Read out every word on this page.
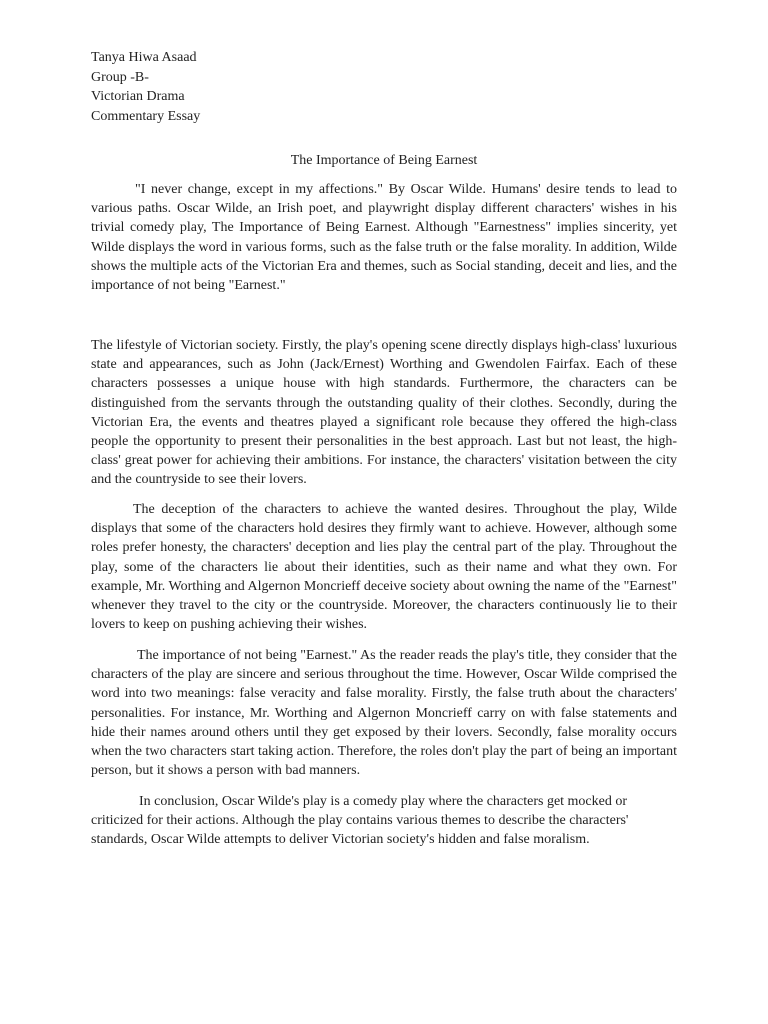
Tanya Hiwa Asaad
Group -B-
Victorian Drama
Commentary Essay
The Importance of Being Earnest

"I never change, except in my affections." By Oscar Wilde. Humans' desire tends to lead to various paths. Oscar Wilde, an Irish poet, and playwright display different characters' wishes in his trivial comedy play, The Importance of Being Earnest. Although "Earnestness" implies sincerity, yet Wilde displays the word in various forms, such as the false truth or the false morality. In addition, Wilde shows the multiple acts of the Victorian Era and themes, such as Social standing, deceit and lies, and the importance of not being "Earnest."

The lifestyle of Victorian society. Firstly, the play's opening scene directly displays high-class' luxurious state and appearances, such as John (Jack/Ernest) Worthing and Gwendolen Fairfax. Each of these characters possesses a unique house with high standards. Furthermore, the characters can be distinguished from the servants through the outstanding quality of their clothes. Secondly, during the Victorian Era, the events and theatres played a significant role because they offered the high-class people the opportunity to present their personalities in the best approach. Last but not least, the high-class' great power for achieving their ambitions. For instance, the characters' visitation between the city and the countryside to see their lovers.

The deception of the characters to achieve the wanted desires. Throughout the play, Wilde displays that some of the characters hold desires they firmly want to achieve. However, although some roles prefer honesty, the characters' deception and lies play the central part of the play. Throughout the play, some of the characters lie about their identities, such as their name and what they own. For example, Mr. Worthing and Algernon Moncrieff deceive society about owning the name of the "Earnest" whenever they travel to the city or the countryside. Moreover, the characters continuously lie to their lovers to keep on pushing achieving their wishes.

The importance of not being "Earnest." As the reader reads the play's title, they consider that the characters of the play are sincere and serious throughout the time. However, Oscar Wilde comprised the word into two meanings: false veracity and false morality. Firstly, the false truth about the characters' personalities. For instance, Mr. Worthing and Algernon Moncrieff carry on with false statements and hide their names around others until they get exposed by their lovers. Secondly, false morality occurs when the two characters start taking action. Therefore, the roles don't play the part of being an important person, but it shows a person with bad manners.

In conclusion, Oscar Wilde's play is a comedy play where the characters get mocked or criticized for their actions. Although the play contains various themes to describe the characters' standards, Oscar Wilde attempts to deliver Victorian society's hidden and false moralism.
